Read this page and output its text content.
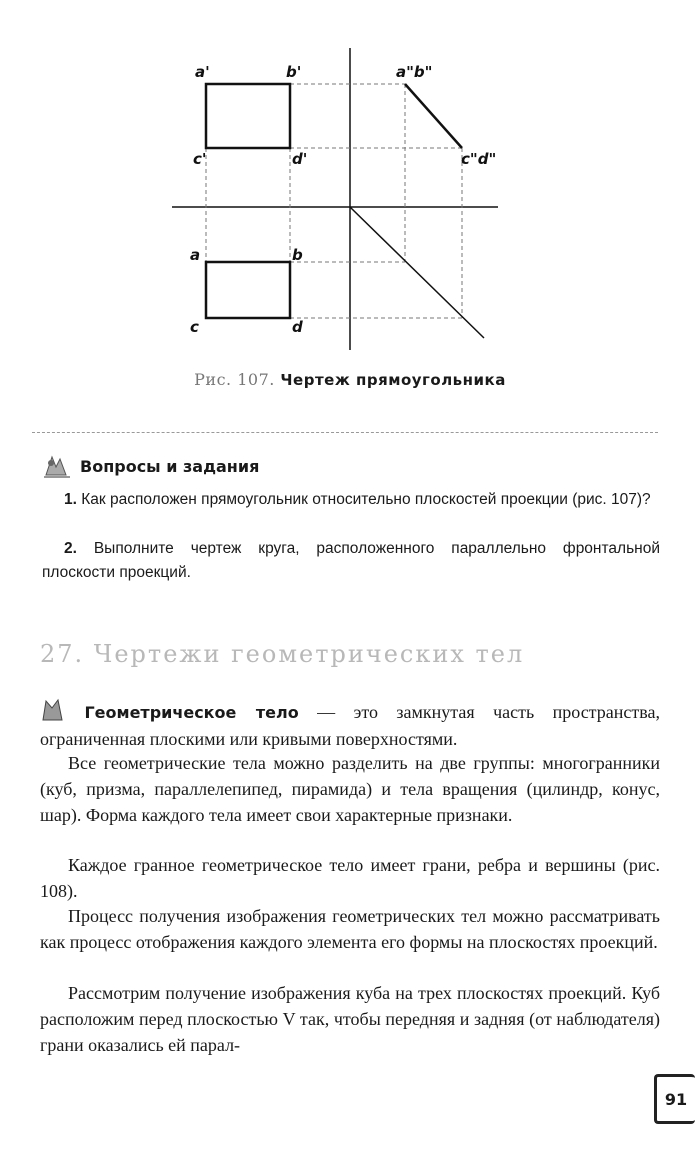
a'	b'	a"b"
c'	d'	c"d"
a	b
c	d
Рис. 107. Чертеж прямоугольника
Вопросы и задания
1. Как расположен прямоугольник относительно плоскостей проекции (рис. 107)?
2. Выполните чертеж круга, расположенного параллельно фронтальной плоскости проекций.
27. Чертежи геометрических тел
Геометрическое тело — это замкнутая часть пространства, ограниченная плоскими или кривыми поверхностями.
Все геометрические тела можно разделить на две группы: многогранники (куб, призма, параллелепипед, пирамида) и тела вращения (цилиндр, конус, шар). Форма каждого тела имеет свои характерные признаки.
Каждое гранное геометрическое тело имеет грани, ребра и вершины (рис. 108).
Процесс получения изображения геометрических тел можно рассматривать как процесс отображения каждого элемента его формы на плоскостях проекций.
Рассмотрим получение изображения куба на трех плоскостях проекций. Куб расположим перед плоскостью V так, чтобы передняя и задняя (от наблюдателя) грани оказались ей парал-
91
